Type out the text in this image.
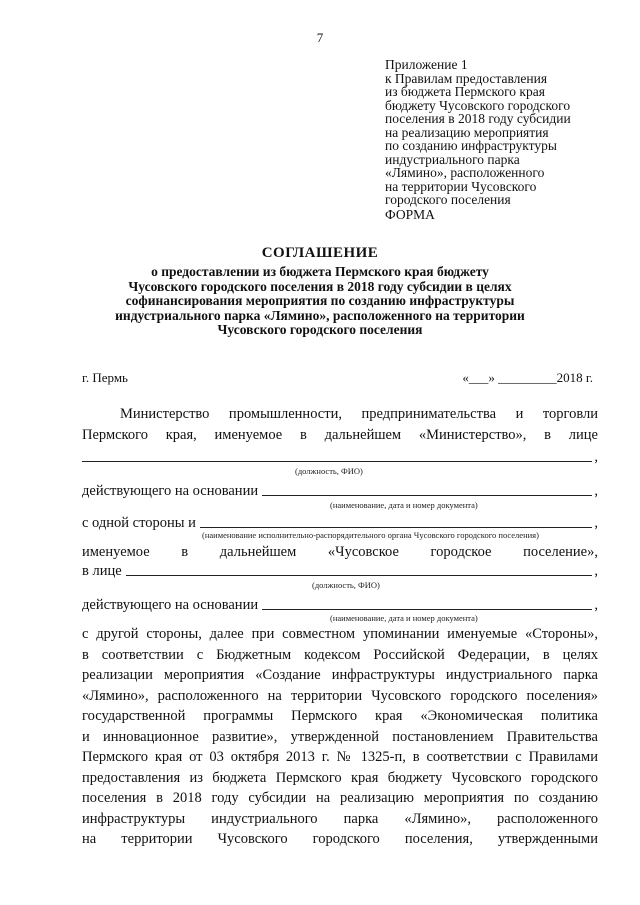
7
Приложение 1
к Правилам предоставления
из бюджета Пермского края
бюджету Чусовского городского
поселения в 2018 году субсидии
на реализацию мероприятия
по созданию инфраструктуры
индустриального парка
«Лямино», расположенного
на территории Чусовского
городского поселения
ФОРМА
СОГЛАШЕНИЕ
о предоставлении из бюджета Пермского края бюджету
Чусовского городского поселения в 2018 году субсидии в целях
софинансирования мероприятия по созданию инфраструктуры
индустриального парка «Лямино», расположенного на территории
Чусовского городского поселения
г. Пермь	«___» _________2018 г.
Министерство промышленности, предпринимательства и торговли
Пермского края, именуемое в дальнейшем «Министерство», в лице
,
(должность, ФИО)
действующего на основании	,
(наименование, дата и номер документа)
с одной стороны и	,
(наименование исполнительно-распорядительного органа Чусовского городского поселения)
именуемое в дальнейшем «Чусовское городское поселение»,
в лице	,
(должность, ФИО)
действующего на основании	,
(наименование, дата и номер документа)
с другой стороны, далее при совместном упоминании именуемые «Стороны»,
в соответствии с Бюджетным кодексом Российской Федерации, в целях
реализации мероприятия «Создание инфраструктуры индустриального парка
«Лямино», расположенного на территории Чусовского городского поселения»
государственной программы Пермского края «Экономическая политика
и инновационное развитие», утвержденной постановлением Правительства
Пермского края от 03 октября 2013 г. № 1325-п, в соответствии с Правилами
предоставления из бюджета Пермского края бюджету Чусовского городского
поселения в 2018 году субсидии на реализацию мероприятия по созданию
инфраструктуры индустриального парка «Лямино», расположенного
на территории Чусовского городского поселения, утвержденными
